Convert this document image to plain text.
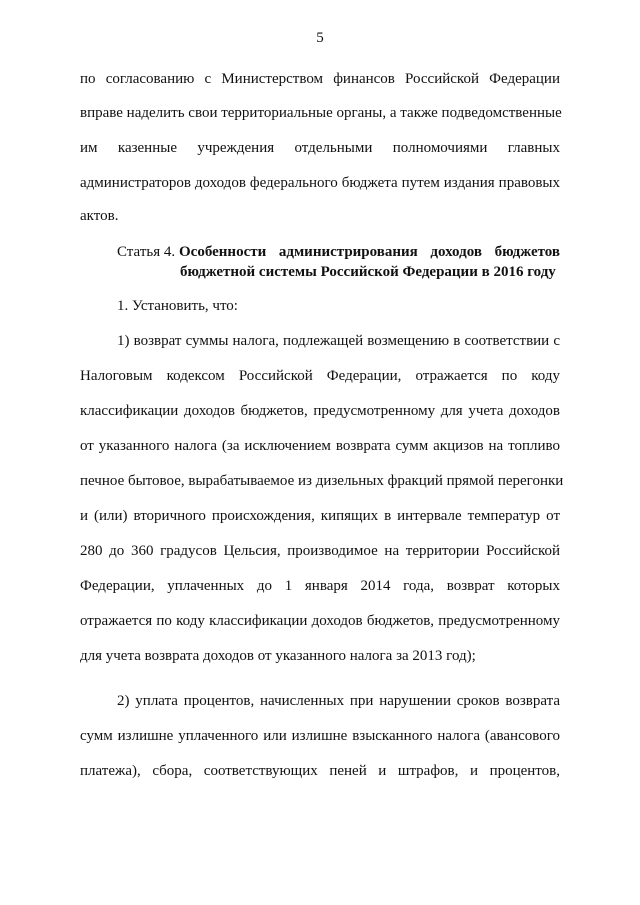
5
по согласованию с Министерством финансов Российской Федерации
вправе наделить свои территориальные органы, а также подведомственные
им казенные учреждения отдельными полномочиями главных
администраторов доходов федерального бюджета путем издания правовых
актов.
Статья 4. Особенности администрирования доходов бюджетов
бюджетной системы Российской Федерации в 2016 году
1. Установить, что:
1) возврат суммы налога, подлежащей возмещению в соответствии с
Налоговым кодексом Российской Федерации, отражается по коду
классификации доходов бюджетов, предусмотренному для учета доходов
от указанного налога (за исключением возврата сумм акцизов на топливо
печное бытовое, вырабатываемое из дизельных фракций прямой перегонки
и (или) вторичного происхождения, кипящих в интервале температур от
280 до 360 градусов Цельсия, производимое на территории Российской
Федерации, уплаченных до 1 января 2014 года, возврат которых
отражается по коду классификации доходов бюджетов, предусмотренному
для учета возврата доходов от указанного налога за 2013 год);
2) уплата процентов, начисленных при нарушении сроков возврата
сумм излишне уплаченного или излишне взысканного налога (авансового
платежа), сбора, соответствующих пеней и штрафов, и процентов,
